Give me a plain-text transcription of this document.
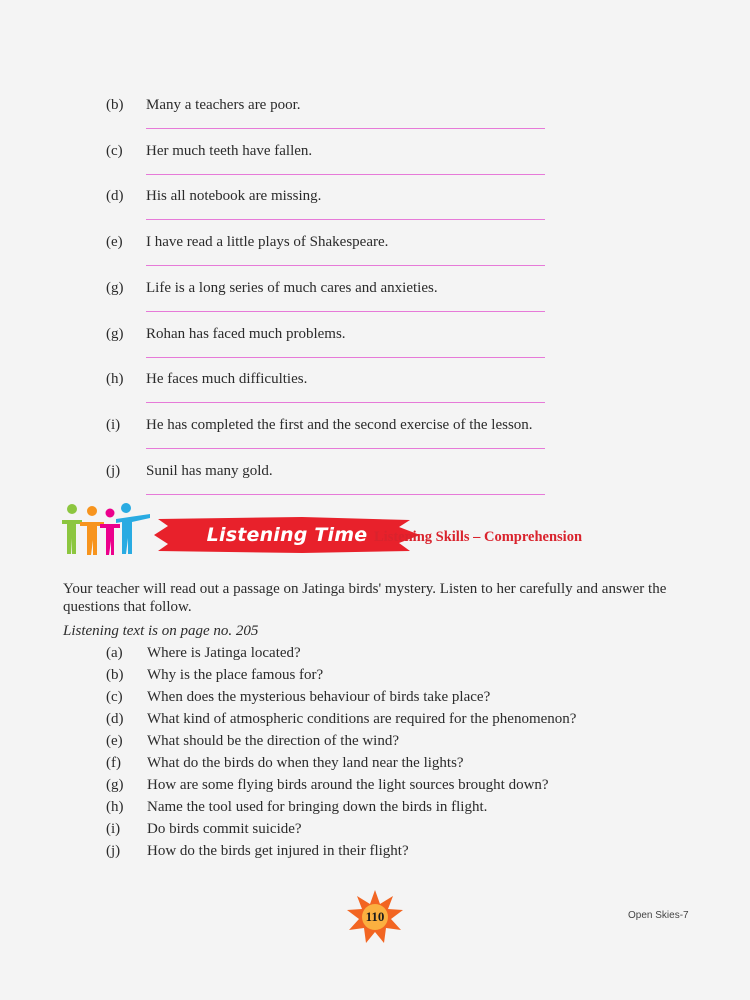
(b) Many a teachers are poor.
(c) Her much teeth have fallen.
(d) His all notebook are missing.
(e) I have read a little plays of Shakespeare.
(g) Life is a long series of much cares and anxieties.
(g) Rohan has faced much problems.
(h) He faces much difficulties.
(i) He has completed the first and the second exercise of the lesson.
(j) Sunil has many gold.
Listening Time Listening Skills – Comprehension
Your teacher will read out a passage on Jatinga birds' mystery. Listen to her carefully and answer the questions that follow.
Listening text is on page no. 205
(a) Where is Jatinga located?
(b) Why is the place famous for?
(c) When does the mysterious behaviour of birds take place?
(d) What kind of atmospheric conditions are required for the phenomenon?
(e) What should be the direction of the wind?
(f) What do the birds do when they land near the lights?
(g) How are some flying birds around the light sources brought down?
(h) Name the tool used for bringing down the birds in flight.
(i) Do birds commit suicide?
(j) How do the birds get injured in their flight?
110	Open Skies-7
